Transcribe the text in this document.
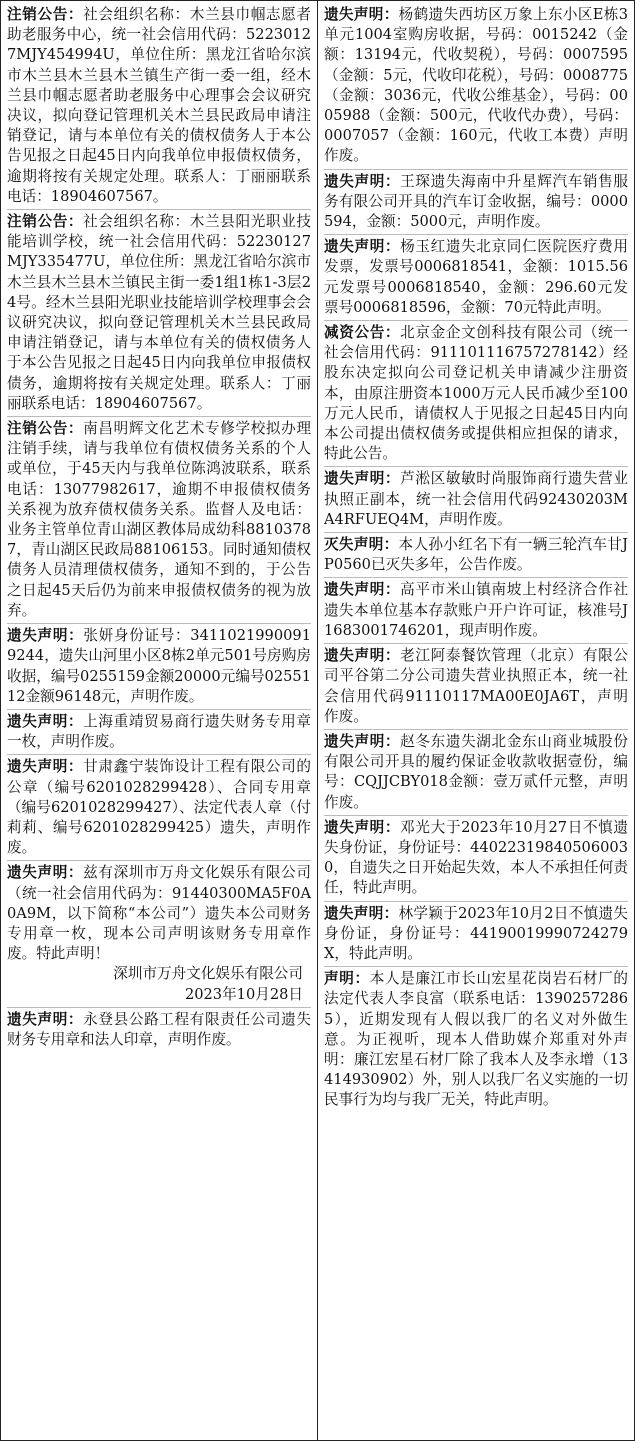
注销公告：社会组织名称：木兰县巾帼志愿者助老服务中心，统一社会信用代码：52230127MJY454994U，单位住所：黑龙江省哈尔滨市木兰县木兰县木兰镇生产街一委一组，经木兰县巾帼志愿者助老服务中心理事会会议研究决议，拟向登记管理机关木兰县民政局申请注销登记，请与本单位有关的债权债务人于本公告见报之日起45日内向我单位申报债权债务，逾期将按有关规定处理。联系人：丁丽丽联系电话：18904607567。

注销公告：社会组织名称：木兰县阳光职业技能培训学校，统一社会信用代码：52230127MJY335477U，单位住所：黑龙江省哈尔滨市木兰县木兰县木兰镇民主街一委1组1栋1-3层24号。经木兰县阳光职业技能培训学校理事会会议研究决议，拟向登记管理机关木兰县民政局申请注销登记，请与本单位有关的债权债务人于本公告见报之日起45日内向我单位申报债权债务，逾期将按有关规定处理。联系人：丁丽丽联系电话：18904607567。

注销公告：南昌明辉文化艺术专修学校拟办理注销手续，请与我单位有债权债务关系的个人或单位，于45天内与我单位陈鸿波联系，联系电话：13077982617，逾期不申报债权债务关系视为放弃债权债务关系。监督人及电话：业务主管单位青山湖区教体局成幼科88103787，青山湖区民政局88106153。同时通知债权债务人员清理债权债务，通知不到的，于公告之日起45天后仍为前来申报债权债务的视为放弃。

遗失声明：张妍身份证号：34110219900919244，遗失山河里小区8栋2单元501号房购房收据，编号0255159金额20000元编号0255112金额96148元，声明作废。

遗失声明：上海重靖贸易商行遗失财务专用章一枚，声明作废。

遗失声明：甘肃鑫宁装饰设计工程有限公司的公章（编号6201028299428）、合同专用章（编号6201028299427）、法定代表人章（付莉莉、编号6201028299425）遗失，声明作废。

遗失声明：兹有深圳市万舟文化娱乐有限公司（统一社会信用代码为：91440300MA5F0A0A9M，以下简称“本公司”）遗失本公司财务专用章一枚，现本公司声明该财务专用章作废。特此声明！
深圳市万舟文化娱乐有限公司
2023年10月28日

遗失声明：永登县公路工程有限责任公司遗失财务专用章和法人印章，声明作废。

遗失声明：杨鹤遗失西坊区万象上东小区E栋3单元1004室购房收据，号码：0015242（金额：13194元，代收契税），号码：0007595（金额：5元，代收印花税），号码：0008775（金额：3036元，代收公维基金），号码：0005988（金额：500元，代收代办费），号码：0007057（金额：160元，代收工本费）声明作废。

遗失声明：王琛遗失海南中升星辉汽车销售服务有限公司开具的汽车订金收据，编号：0000594，金额：5000元，声明作废。

遗失声明：杨玉红遗失北京同仁医院医疗费用发票，发票号0006818541，金额：1015.56元发票号0006818540，金额：296.60元发票号0006818596，金额：70元特此声明。

减资公告：北京金企文创科技有限公司（统一社会信用代码：911101116757278142）经股东决定拟向公司登记机关申请减少注册资本，由原注册资本1000万元人民币减少至100万元人民币，请债权人于见报之日起45日内向本公司提出债权债务或提供相应担保的请求，特此公告。

遗失声明：芦淞区敏敏时尚服饰商行遗失营业执照正副本，统一社会信用代码92430203MA4RFUEQ4M，声明作废。

灭失声明：本人孙小红名下有一辆三轮汽车甘JP0560已灭失多年，公告作废。

遗失声明：高平市米山镇南坡上村经济合作社遗失本单位基本存款账户开户许可证，核准号J1683001746201，现声明作废。

遗失声明：老江阿泰餐饮管理（北京）有限公司平谷第二分公司遗失营业执照正本，统一社会信用代码91110117MA00E0JA6T，声明作废。

遗失声明：赵冬东遗失湖北金东山商业城股份有限公司开具的履约保证金收款收据壹份，编号：CQJJCBY018金额：壹万贰仟元整，声明作废。

遗失声明：邓光大于2023年10月27日不慎遗失身份证，身份证号：440223198405060030，自遗失之日开始起失效，本人不承担任何责任，特此声明。

遗失声明：林学颖于2023年10月2日不慎遗失身份证，身份证号：44190019990724279X，特此声明。

声明：本人是廉江市长山宏星花岗岩石材厂的法定代表人李良富（联系电话：13902572865），近期发现有人假以我厂的名义对外做生意。为正视听，现本人借助媒介郑重对外声明：廉江宏星石材厂除了我本人及李永增（13414930902）外，别人以我厂名义实施的一切民事行为均与我厂无关，特此声明。
